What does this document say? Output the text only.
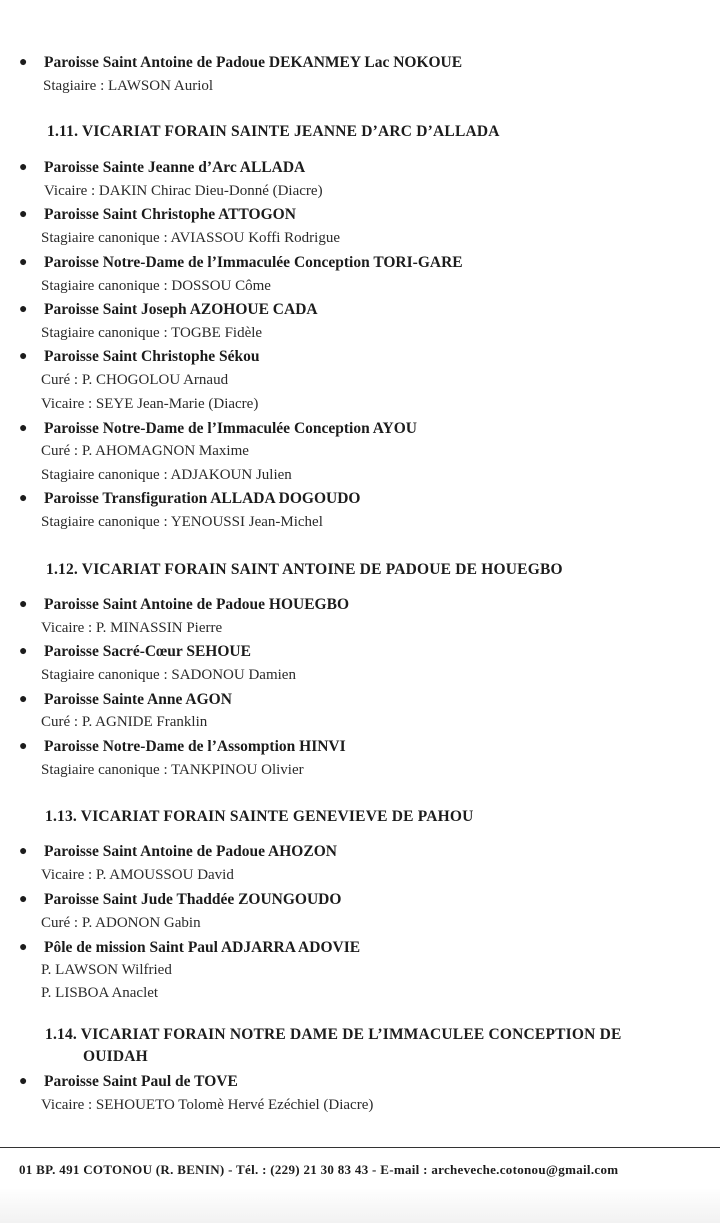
● Paroisse Saint Antoine de Padoue DEKANMEY Lac NOKOUE
Stagiaire : LAWSON Auriol
1.11. VICARIAT FORAIN SAINTE JEANNE D’ARC D’ALLADA
● Paroisse Sainte Jeanne d’Arc ALLADA
Vicaire : DAKIN Chirac Dieu-Donné (Diacre)
● Paroisse Saint Christophe ATTOGON
Stagiaire canonique : AVIASSOU Koffi Rodrigue
● Paroisse Notre-Dame de l’Immaculée Conception TORI-GARE
Stagiaire canonique : DOSSOU Côme
● Paroisse Saint Joseph AZOHOUE CADA
Stagiaire canonique : TOGBE Fidèle
● Paroisse Saint Christophe Sékou
Curé : P. CHOGOLOU Arnaud
Vicaire : SEYE Jean-Marie (Diacre)
● Paroisse Notre-Dame de l’Immaculée Conception AYOU
Curé : P. AHOMAGNON Maxime
Stagiaire canonique : ADJAKOUN Julien
● Paroisse Transfiguration ALLADA DOGOUDO
Stagiaire canonique : YENOUSSI Jean-Michel
1.12. VICARIAT FORAIN SAINT ANTOINE DE PADOUE DE HOUEGBO
● Paroisse Saint Antoine de Padoue HOUEGBO
Vicaire : P. MINASSIN Pierre
● Paroisse Sacré-Cœur SEHOUE
Stagiaire canonique : SADONOU Damien
● Paroisse Sainte Anne AGON
Curé : P. AGNIDE Franklin
● Paroisse Notre-Dame de l’Assomption HINVI
Stagiaire canonique : TANKPINOU Olivier
1.13. VICARIAT FORAIN SAINTE GENEVIEVE DE PAHOU
● Paroisse Saint Antoine de Padoue AHOZON
Vicaire : P. AMOUSSOU David
● Paroisse Saint Jude Thaddée ZOUNGOUDO
Curé : P. ADONON Gabin
● Pôle de mission Saint Paul ADJARRA ADOVIE
P. LAWSON Wilfried
P. LISBOA Anaclet
1.14. VICARIAT FORAIN NOTRE DAME DE L’IMMACULEE CONCEPTION DE
OUIDAH
● Paroisse Saint Paul de TOVE
Vicaire : SEHOUETO Tolomè Hervé Ezéchiel (Diacre)
01 BP. 491 COTONOU (R. BENIN) - Tél. : (229) 21 30 83 43 - E-mail : archeveche.cotonou@gmail.com
